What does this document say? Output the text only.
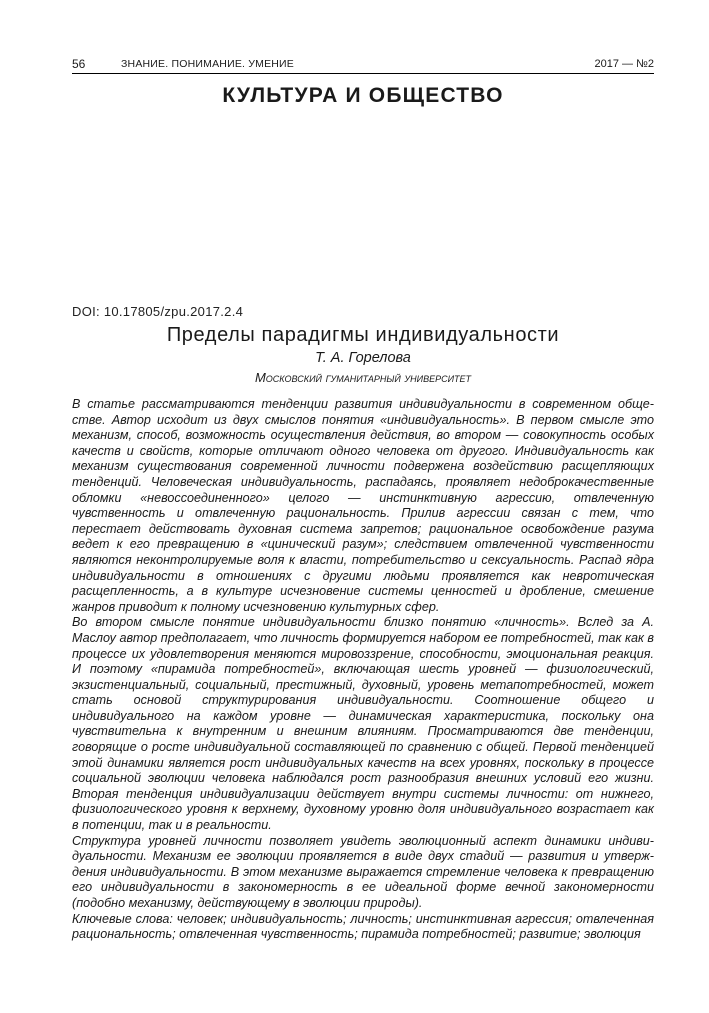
56	ЗНАНИЕ. ПОНИМАНИЕ. УМЕНИЕ	2017 — №2
КУЛЬТУРА И ОБЩЕСТВО
DOI: 10.17805/zpu.2017.2.4
Пределы парадигмы индивидуальности
Т. А. Горелова
Московский гуманитарный университет

В статье рассматриваются тенденции развития индивидуальности в современном обществе. Автор исходит из двух смыслов понятия «индивидуальность». В первом смысле это механизм, способ, возможность осуществления действия, во втором — совокупность особых качеств и свойств, которые отличают одного человека от другого. Индивидуальность как механизм существования современной личности подвержена воздействию расщепляющих тенденций. Человеческая индивидуальность, распадаясь, проявляет недоброкачественные обломки «невоссоединенного» целого — инстинктивную агрессию, отвлеченную чувственность и отвлеченную рациональность. Прилив агрессии связан с тем, что перестает действовать духовная система запретов; рациональное освобождение разума ведет к его превращению в «цинический разум»; следствием отвлеченной чувственности являются неконтролируемые воля к власти, потребительство и сексуальность. Распад ядра индивидуальности в отношениях с другими людьми проявляется как невротическая расщепленность, а в культуре исчезновение системы ценностей и дробление, смешение жанров приводит к полному исчезновению культурных сфер.

Во втором смысле понятие индивидуальности близко понятию «личность». Вслед за А. Маслоу автор предполагает, что личность формируется набором ее потребностей, так как в процессе их удовлетворения меняются мировоззрение, способности, эмоциональная реакция. И поэтому «пирамида потребностей», включающая шесть уровней — физиологический, экзистенциальный, социальный, престижный, духовный, уровень метапотребностей, может стать основой структурирования индивидуальности. Соотношение общего и индивидуального на каждом уровне — динамическая характеристика, поскольку она чувствительна к внутренним и внешним влияниям. Просматриваются две тенденции, говорящие о росте индивидуальной составляющей по сравнению с общей. Первой тенденцией этой динамики является рост индивидуальных качеств на всех уровнях, поскольку в процессе социальной эволюции человека наблюдался рост разнообразия внешних условий его жизни. Вторая тенденция индивидуализации действует внутри системы личности: от нижнего, физиологического уровня к верхнему, духовному уровню доля индивидуального возрастает как в потенции, так и в реальности.

Структура уровней личности позволяет увидеть эволюционный аспект динамики индивидуальности. Механизм ее эволюции проявляется в виде двух стадий — развития и утверждения индивидуальности. В этом механизме выражается стремление человека к превращению его индивидуальности в закономерность в ее идеальной форме вечной закономерности (подобно механизму, действующему в эволюции природы).

Ключевые слова: человек; индивидуальность; личность; инстинктивная агрессия; отвлеченная рациональность; отвлеченная чувственность; пирамида потребностей; развитие; эволюция
